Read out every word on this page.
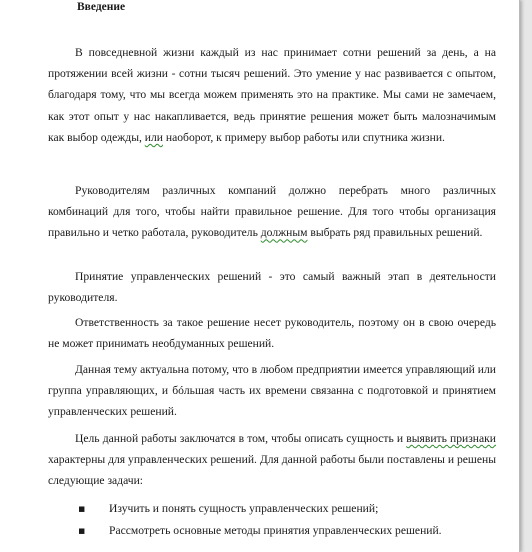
Введение

В повседневной жизни каждый из нас принимает сотни решений за день, а на протяжении всей жизни - сотни тысяч решений. Это умение у нас развивается с опытом, благодаря тому, что мы всегда можем применять это на практике. Мы сами не замечаем, как этот опыт у нас накапливается, ведь принятие решения может быть малозначимым как выбор одежды, или наоборот, к примеру выбор работы или спутника жизни.

Руководителям различных компаний должно перебрать много различных комбинаций для того, чтобы найти правильное решение. Для того чтобы организация правильно и четко работала, руководитель должным выбрать ряд правильных решений.

Принятие управленческих решений - это самый важный этап в деятельности руководителя.

Ответственность за такое решение несет руководитель, поэтому он в свою очередь не может принимать необдуманных решений.

Данная тему актуальна потому, что в любом предприятии имеется управляющий или группа управляющих, и бóльшая часть их времени связанна с подготовкой и принятием управленческих решений.

Цель данной работы заключатся в том, чтобы описать сущность и выявить признаки характерны для управленческих решений. Для данной работы были поставлены и решены следующие задачи:

▪ Изучить и понять сущность управленческих решений;
▪ Рассмотреть основные методы принятия управленческих решений.
